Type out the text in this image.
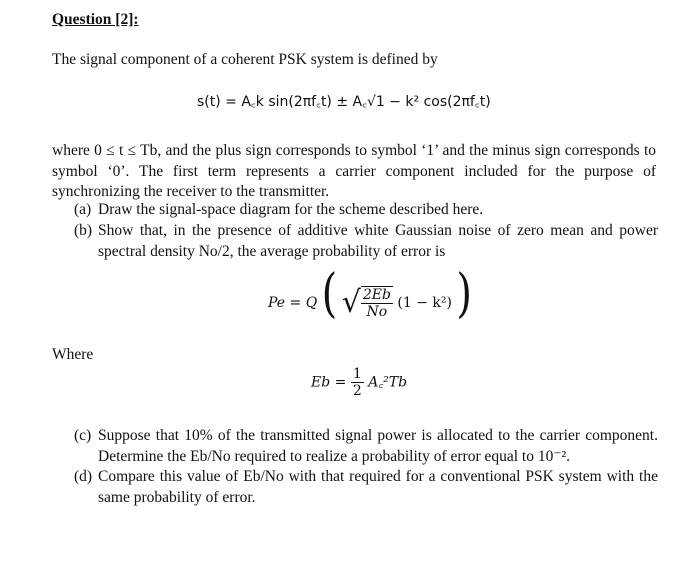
Question [2]:
The signal component of a coherent PSK system is defined by
s(t) = A꜀k sin(2πf꜀t) ± A꜀√1 − k² cos(2πf꜀t)
where 0 ≤ t ≤ Tb, and the plus sign corresponds to symbol ‘1’ and the minus sign corresponds to symbol ‘0’. The first term represents a carrier component included for the purpose of synchronizing the receiver to the transmitter.
(a) Draw the signal-space diagram for the scheme described here.
(b) Show that, in the presence of additive white Gaussian noise of zero mean and power spectral density No/2, the average probability of error is
Pe = Q ( √ $\frac{2Eb}{No} (1 - k^2)$ )
Where
$Eb = \frac{1}{2}$ A꜀²Tb
(c) Suppose that 10% of the transmitted signal power is allocated to the carrier component. Determine the Eb/No required to realize a probability of error equal to 10⁻².
(d) Compare this value of Eb/No with that required for a conventional PSK system with the same probability of error.
